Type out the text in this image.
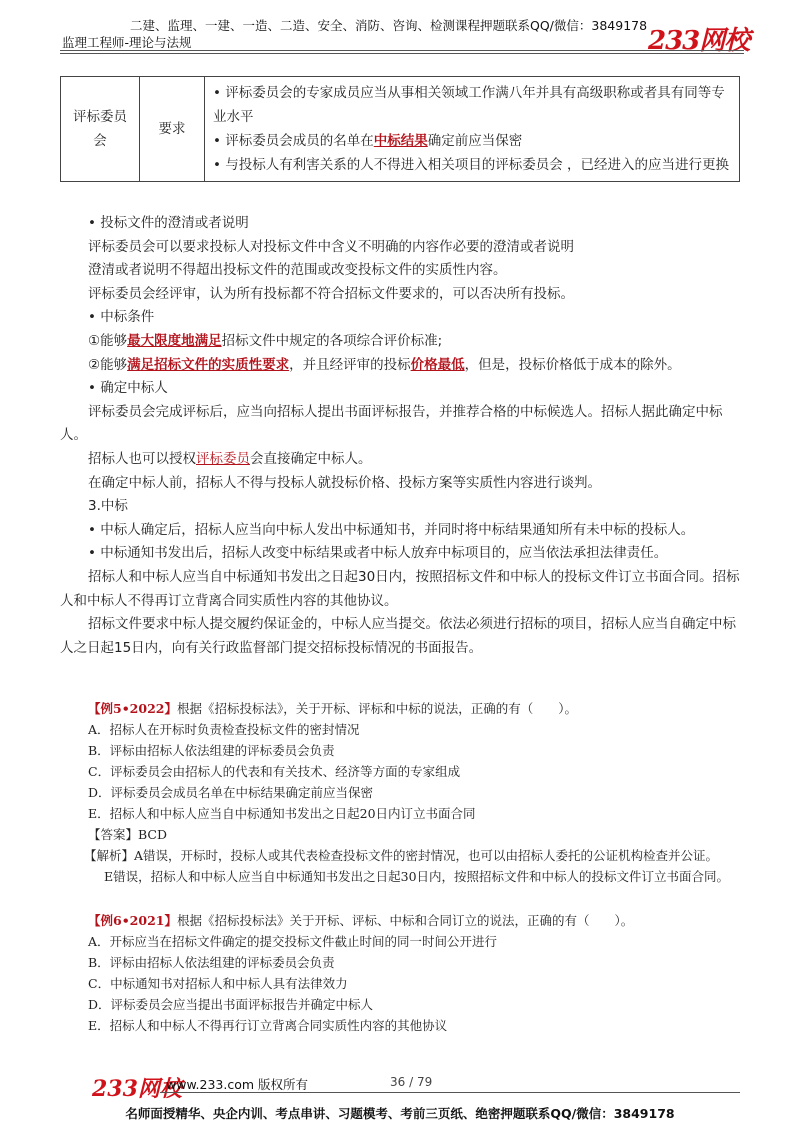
二建、监理、一建、一造、二造、安全、消防、咨询、检测课程押题联系QQ/微信：3849178
监理工程师-理论与法规	233网校
评标委员会	要求	
• 评标委员会的专家成员应当从事相关领域工作满八年并具有高级职称或者具有同等专业水平
• 评标委员会成员的名单在中标结果确定前应当保密
• 与投标人有利害关系的人不得进入相关项目的评标委员会 ，已经进入的应当进行更换

• 投标文件的澄清或者说明

评标委员会可以要求投标人对投标文件中含义不明确的内容作必要的澄清或者说明

澄清或者说明不得超出投标文件的范围或改变投标文件的实质性内容。

评标委员会经评审，认为所有投标都不符合招标文件要求的，可以否决所有投标。

• 中标条件

①能够最大限度地满足招标文件中规定的各项综合评价标准;

②能够满足招标文件的实质性要求，并且经评审的投标价格最低，但是，投标价格低于成本的除外。

• 确定中标人

评标委员会完成评标后，应当向招标人提出书面评标报告，并推荐合格的中标候选人。招标人据此确定中标人。

招标人也可以授权评标委员会直接确定中标人。

在确定中标人前，招标人不得与投标人就投标价格、投标方案等实质性内容进行谈判。

3.中标

• 中标人确定后，招标人应当向中标人发出中标通知书，并同时将中标结果通知所有未中标的投标人。

• 中标通知书发出后，招标人改变中标结果或者中标人放弃中标项目的，应当依法承担法律责任。

招标人和中标人应当自中标通知书发出之日起30日内，按照招标文件和中标人的投标文件订立书面合同。招标人和中标人不得再订立背离合同实质性内容的其他协议。

招标文件要求中标人提交履约保证金的，中标人应当提交。依法必须进行招标的项目，招标人应当自确定中标人之日起15日内，向有关行政监督部门提交招标投标情况的书面报告。

【例5•2022】根据《招标投标法》，关于开标、评标和中标的说法，正确的有（　　）。

A．招标人在开标时负责检查投标文件的密封情况

B．评标由招标人依法组建的评标委员会负责

C．评标委员会由招标人的代表和有关技术、经济等方面的专家组成

D．评标委员会成员名单在中标结果确定前应当保密

E．招标人和中标人应当自中标通知书发出之日起20日内订立书面合同

【答案】BCD

【解析】A错误，开标时，投标人或其代表检查投标文件的密封情况，也可以由招标人委托的公证机构检查并公证。

E错误，招标人和中标人应当自中标通知书发出之日起30日内，按照招标文件和中标人的投标文件订立书面合同。

【例6•2021】根据《招标投标法》关于开标、评标、中标和合同订立的说法，正确的有（　　）。

A．开标应当在招标文件确定的提交投标文件截止时间的同一时间公开进行

B．评标由招标人依法组建的评标委员会负责

C．中标通知书对招标人和中标人具有法律效力

D．评标委员会应当提出书面评标报告并确定中标人

E．招标人和中标人不得再行订立背离合同实质性内容的其他协议

233网校
www.233.com 版权所有	36 / 79
名师面授精华、央企内训、考点串讲、习题模考、考前三页纸、绝密押题联系QQ/微信：3849178
